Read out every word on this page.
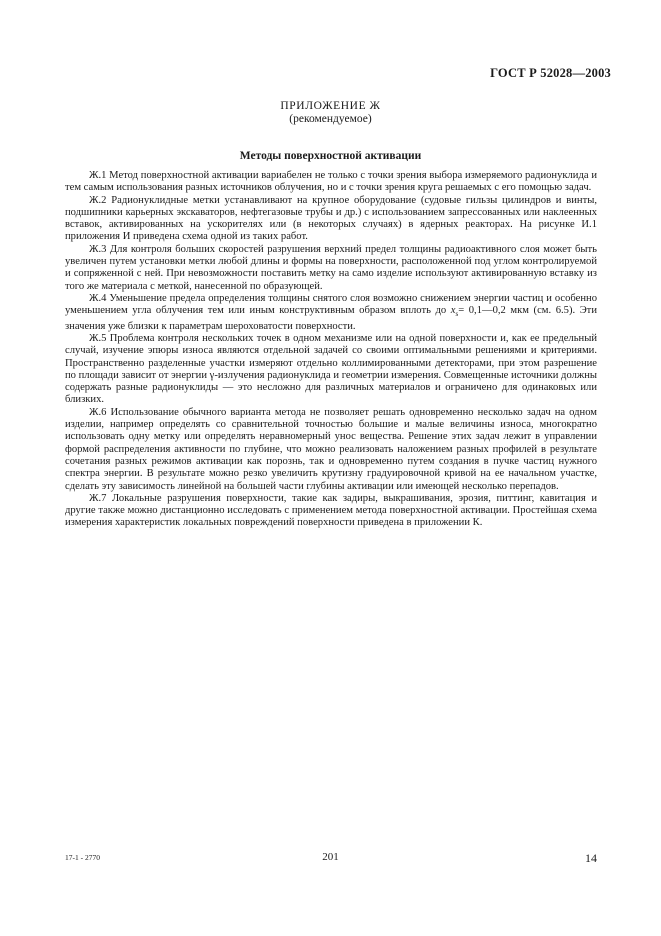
ГОСТ Р 52028—2003
ПРИЛОЖЕНИЕ Ж
(рекомендуемое)
Методы поверхностной активации

Ж.1 Метод поверхностной активации вариабелен не только с точки зрения выбора измеряемого радионуклида и тем самым использования разных источников облучения, но и с точки зрения круга решаемых с его помощью задач.

Ж.2 Радионуклидные метки устанавливают на крупное оборудование (судовые гильзы цилиндров и винты, подшипники карьерных экскаваторов, нефтегазовые трубы и др.) с использованием запрессованных или наклеенных вставок, активированных на ускорителях или (в некоторых случаях) в ядерных реакторах. На рисунке И.1 приложения И приведена схема одной из таких работ.

Ж.3 Для контроля больших скоростей разрушения верхний предел толщины радиоактивного слоя может быть увеличен путем установки метки любой длины и формы на поверхности, расположенной под углом контролируемой и сопряженной с ней. При невозможности поставить метку на само изделие используют активированную вставку из того же материала с меткой, нанесенной по образующей.

Ж.4 Уменьшение предела определения толщины снятого слоя возможно снижением энергии частиц и особенно уменьшением угла облучения тем или иным конструктивным образом вплоть до $x_s=$ 0,1—0,2 мкм (см. 6.5). Эти значения уже близки к параметрам шероховатости поверхности.

Ж.5 Проблема контроля нескольких точек в одном механизме или на одной поверхности и, как ее предельный случай, изучение эпюры износа являются отдельной задачей со своими оптимальными решениями и критериями. Пространственно разделенные участки измеряют отдельно коллимированными детекторами, при этом разрешение по площади зависит от энергии γ-излучения радионуклида и геометрии измерения. Совмещенные источники должны содержать разные радионуклиды — это несложно для различных материалов и ограничено для одинаковых или близких.

Ж.6 Использование обычного варианта метода не позволяет решать одновременно несколько задач на одном изделии, например определять со сравнительной точностью большие и малые величины износа, многократно использовать одну метку или определять неравномерный унос вещества. Решение этих задач лежит в управлении формой распределения активности по глубине, что можно реализовать наложением разных профилей в результате сочетания разных режимов активации как порознь, так и одновременно путем создания в пучке частиц нужного спектра энергии. В результате можно резко увеличить крутизну градуировочной кривой на ее начальном участке, сделать эту зависимость линейной на большей части глубины активации или имеющей несколько перепадов.

Ж.7 Локальные разрушения поверхности, такие как задиры, выкрашивания, эрозия, питтинг, кавитация и другие также можно дистанционно исследовать с применением метода поверхностной активации. Простейшая схема измерения характеристик локальных повреждений поверхности приведена в приложении К.

17-1 - 2770	201	14
